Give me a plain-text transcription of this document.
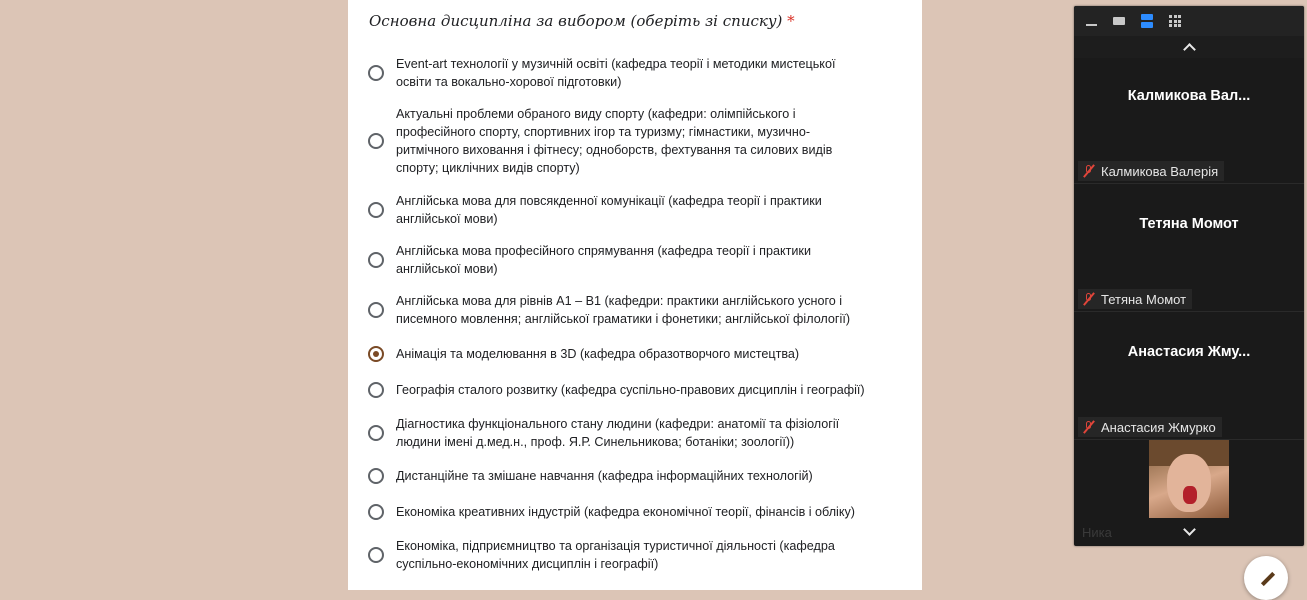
Основна дисципліна за вибором (оберіть зі списку) *
Event-art технології у музичній освіті (кафедра теорії і методики мистецької освіти та вокально-хорової підготовки)
Актуальні проблеми обраного виду спорту (кафедри: олімпійського і професійного спорту, спортивних ігор та туризму; гімнастики, музично-ритмічного виховання і фітнесу; одноборств, фехтування та силових видів спорту; циклічних видів спорту)
Англійська мова для повсякденної комунікації (кафедра теорії і практики англійської мови)
Англійська мова професійного спрямування (кафедра теорії і практики англійської мови)
Англійська мова для рівнів А1 – В1 (кафедри: практики англійського усного і писемного мовлення; англійської граматики і фонетики; англійської філології)
Анімація та моделювання в 3D (кафедра образотворчого мистецтва)
Географія сталого розвитку (кафедра суспільно-правових дисциплін і географії)
Діагностика функціонального стану людини (кафедри: анатомії та фізіології людини імені д.мед.н., проф. Я.Р. Синельникова; ботаніки; зоології))
Дистанційне та змішане навчання (кафедра інформаційних технологій)
Економіка креативних індустрій (кафедра економічної теорії, фінансів і обліку)
Економіка, підприємництво та організація туристичної діяльності (кафедра суспільно-економічних дисциплін і географії)
Калмикова Вал...
Калмикова Валерія
Тетяна Момот
Тетяна Момот
Анастасия Жму...
Анастасия Жмурко
Ника
